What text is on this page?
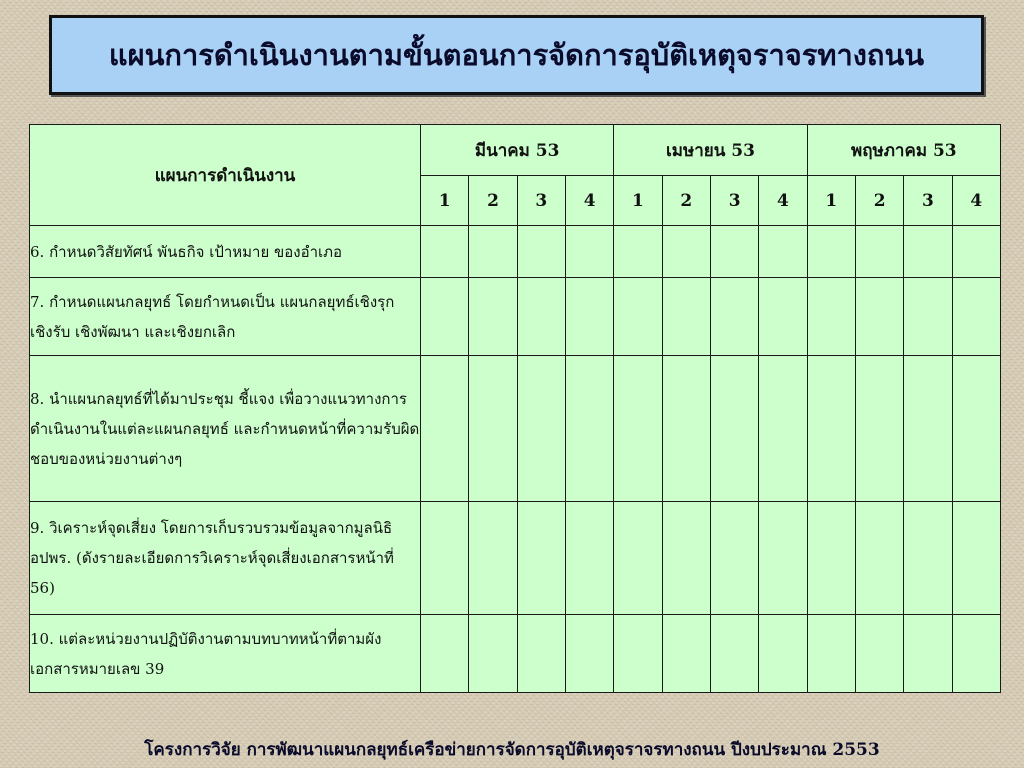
แผนการดำเนินงานตามขั้นตอนการจัดการอุบัติเหตุจราจรทางถนน
แผนการดำเนินงาน	มีนาคม 53				เมษายน 53				พฤษภาคม 53			
	1	2	3	4	1	2	3	4	1	2	3	4
6. กำหนดวิสัยทัศน์ พันธกิจ เป้าหมาย ของอำเภอ												
7. กำหนดแผนกลยุทธ์ โดยกำหนดเป็น แผนกลยุทธ์เชิงรุก เชิงรับ เชิงพัฒนา และเชิงยกเลิก												
8. นำแผนกลยุทธ์ที่ได้มาประชุม ชี้แจง เพื่อวางแนวทางการดำเนินงานในแต่ละแผนกลยุทธ์ และกำหนดหน้าที่ความรับผิดชอบของหน่วยงานต่างๆ												
9. วิเคราะห์จุดเสี่ยง โดยการเก็บรวบรวมข้อมูลจากมูลนิธิ อปพร. (ดังรายละเอียดการวิเคราะห์จุดเสี่ยงเอกสารหน้าที่ 56)												
10. แต่ละหน่วยงานปฏิบัติงานตามบทบาทหน้าที่ตามผังเอกสารหมายเลข 39												
โครงการวิจัย การพัฒนาแผนกลยุทธ์เครือข่ายการจัดการอุบัติเหตุจราจรทางถนน ปีงบประมาณ 2553
